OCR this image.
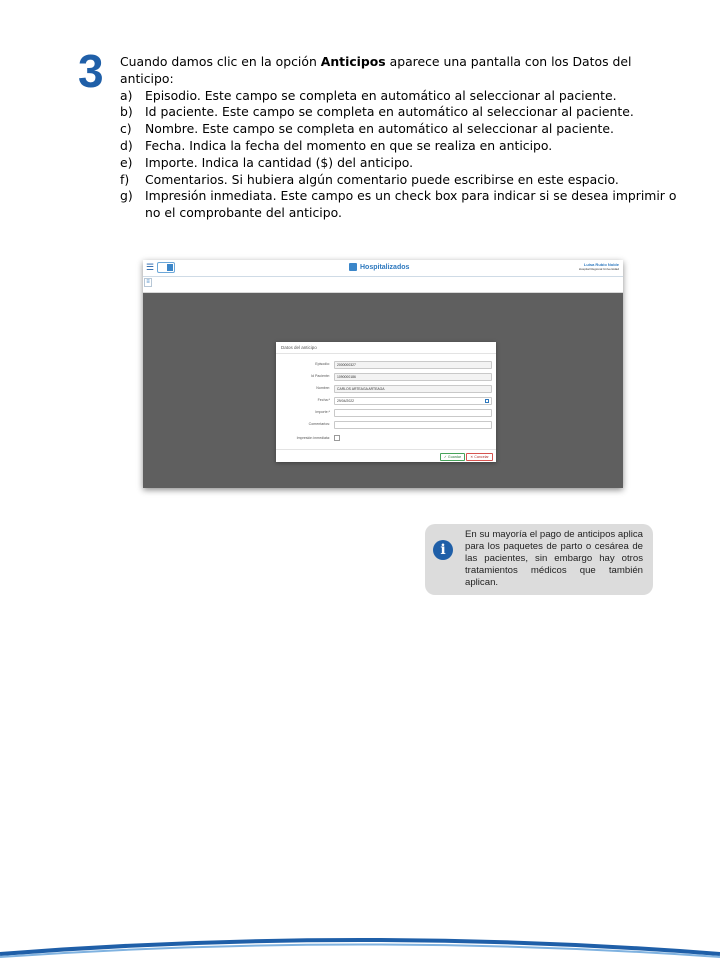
3 Cuando damos clic en la opción Anticipos aparece una pantalla con los Datos del anticipo:

a)	Episodio. Este campo se completa en automático al seleccionar al paciente.
b) Id paciente. Este campo se completa en automático al seleccionar al paciente.
c)	Nombre. Este campo se completa en automático al seleccionar al paciente.
d) Fecha. Indica la fecha del momento en que se realiza en anticipo.
e)	Importe. Indica la cantidad ($) del anticipo.
f)	Comentarios. Si hubiera algún comentario puede escribirse en este espacio.
g) Impresión inmediata. Este campo es un check box para indicar si se desea imprimir o no el comprobante del anticipo.
☰	Hospitalizados	Luisa Rubio Noble
Hospital Regional Universidad
≡
Datos del anticipo
Episodio:	2000000327
Id Paciente:	1090000186
Nombre:	CARLOS ARTEAGA ARTEAGA
Fecha:*	29/04/2022
Importe:*
Comentarios:
Impresión inmediata:
✓ Guardar	✕ Cancelar
i
En su mayoría el pago de anticipos aplica para los paquetes de parto o cesárea de las pacientes, sin embargo hay otros tratamientos médicos que también aplican.
